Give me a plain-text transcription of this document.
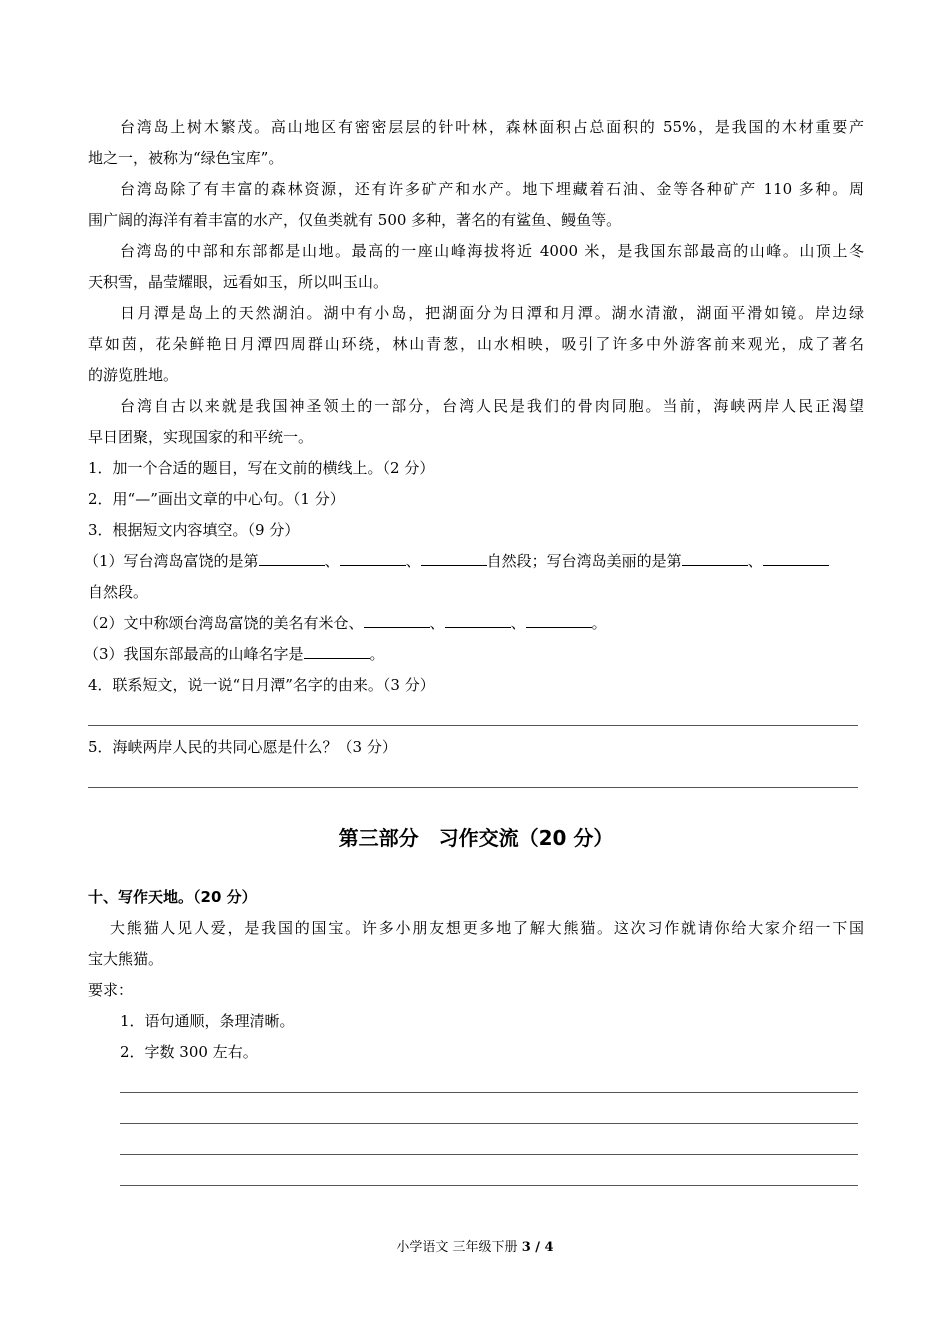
台湾岛上树木繁茂。高山地区有密密层层的针叶林，森林面积占总面积的 55%，是我国的木材重要产
地之一，被称为“绿色宝库”。
台湾岛除了有丰富的森林资源，还有许多矿产和水产。地下埋藏着石油、金等各种矿产 110 多种。周
围广阔的海洋有着丰富的水产，仅鱼类就有 500 多种，著名的有鲨鱼、鳗鱼等。
台湾岛的中部和东部都是山地。最高的一座山峰海拔将近 4000 米，是我国东部最高的山峰。山顶上冬
天积雪，晶莹耀眼，远看如玉，所以叫玉山。
日月潭是岛上的天然湖泊。湖中有小岛，把湖面分为日潭和月潭。湖水清澈，湖面平滑如镜。岸边绿
草如茵，花朵鲜艳日月潭四周群山环绕，林山青葱，山水相映，吸引了许多中外游客前来观光，成了著名
的游览胜地。
台湾自古以来就是我国神圣领土的一部分，台湾人民是我们的骨肉同胞。当前，海峡两岸人民正渴望
早日团聚，实现国家的和平统一。
1．加一个合适的题目，写在文前的横线上。（2 分）
2．用“—”画出文章的中心句。（1 分）
3．根据短文内容填空。（9 分）
（1）写台湾岛富饶的是第	、	、	自然段；写台湾岛美丽的是第	、
自然段。
（2）文中称颂台湾岛富饶的美名有米仓、	、	、	。
（3）我国东部最高的山峰名字是	。
4．联系短文，说一说“日月潭”名字的由来。（3 分）
5．海峡两岸人民的共同心愿是什么？（3 分）
第三部分　习作交流（20 分）
十、写作天地。（20 分）
大熊猫人见人爱，是我国的国宝。许多小朋友想更多地了解大熊猫。这次习作就请你给大家介绍一下国
宝大熊猫。
要求：
1．语句通顺，条理清晰。
2．字数 300 左右。
小学语文 三年级下册 3 / 4
